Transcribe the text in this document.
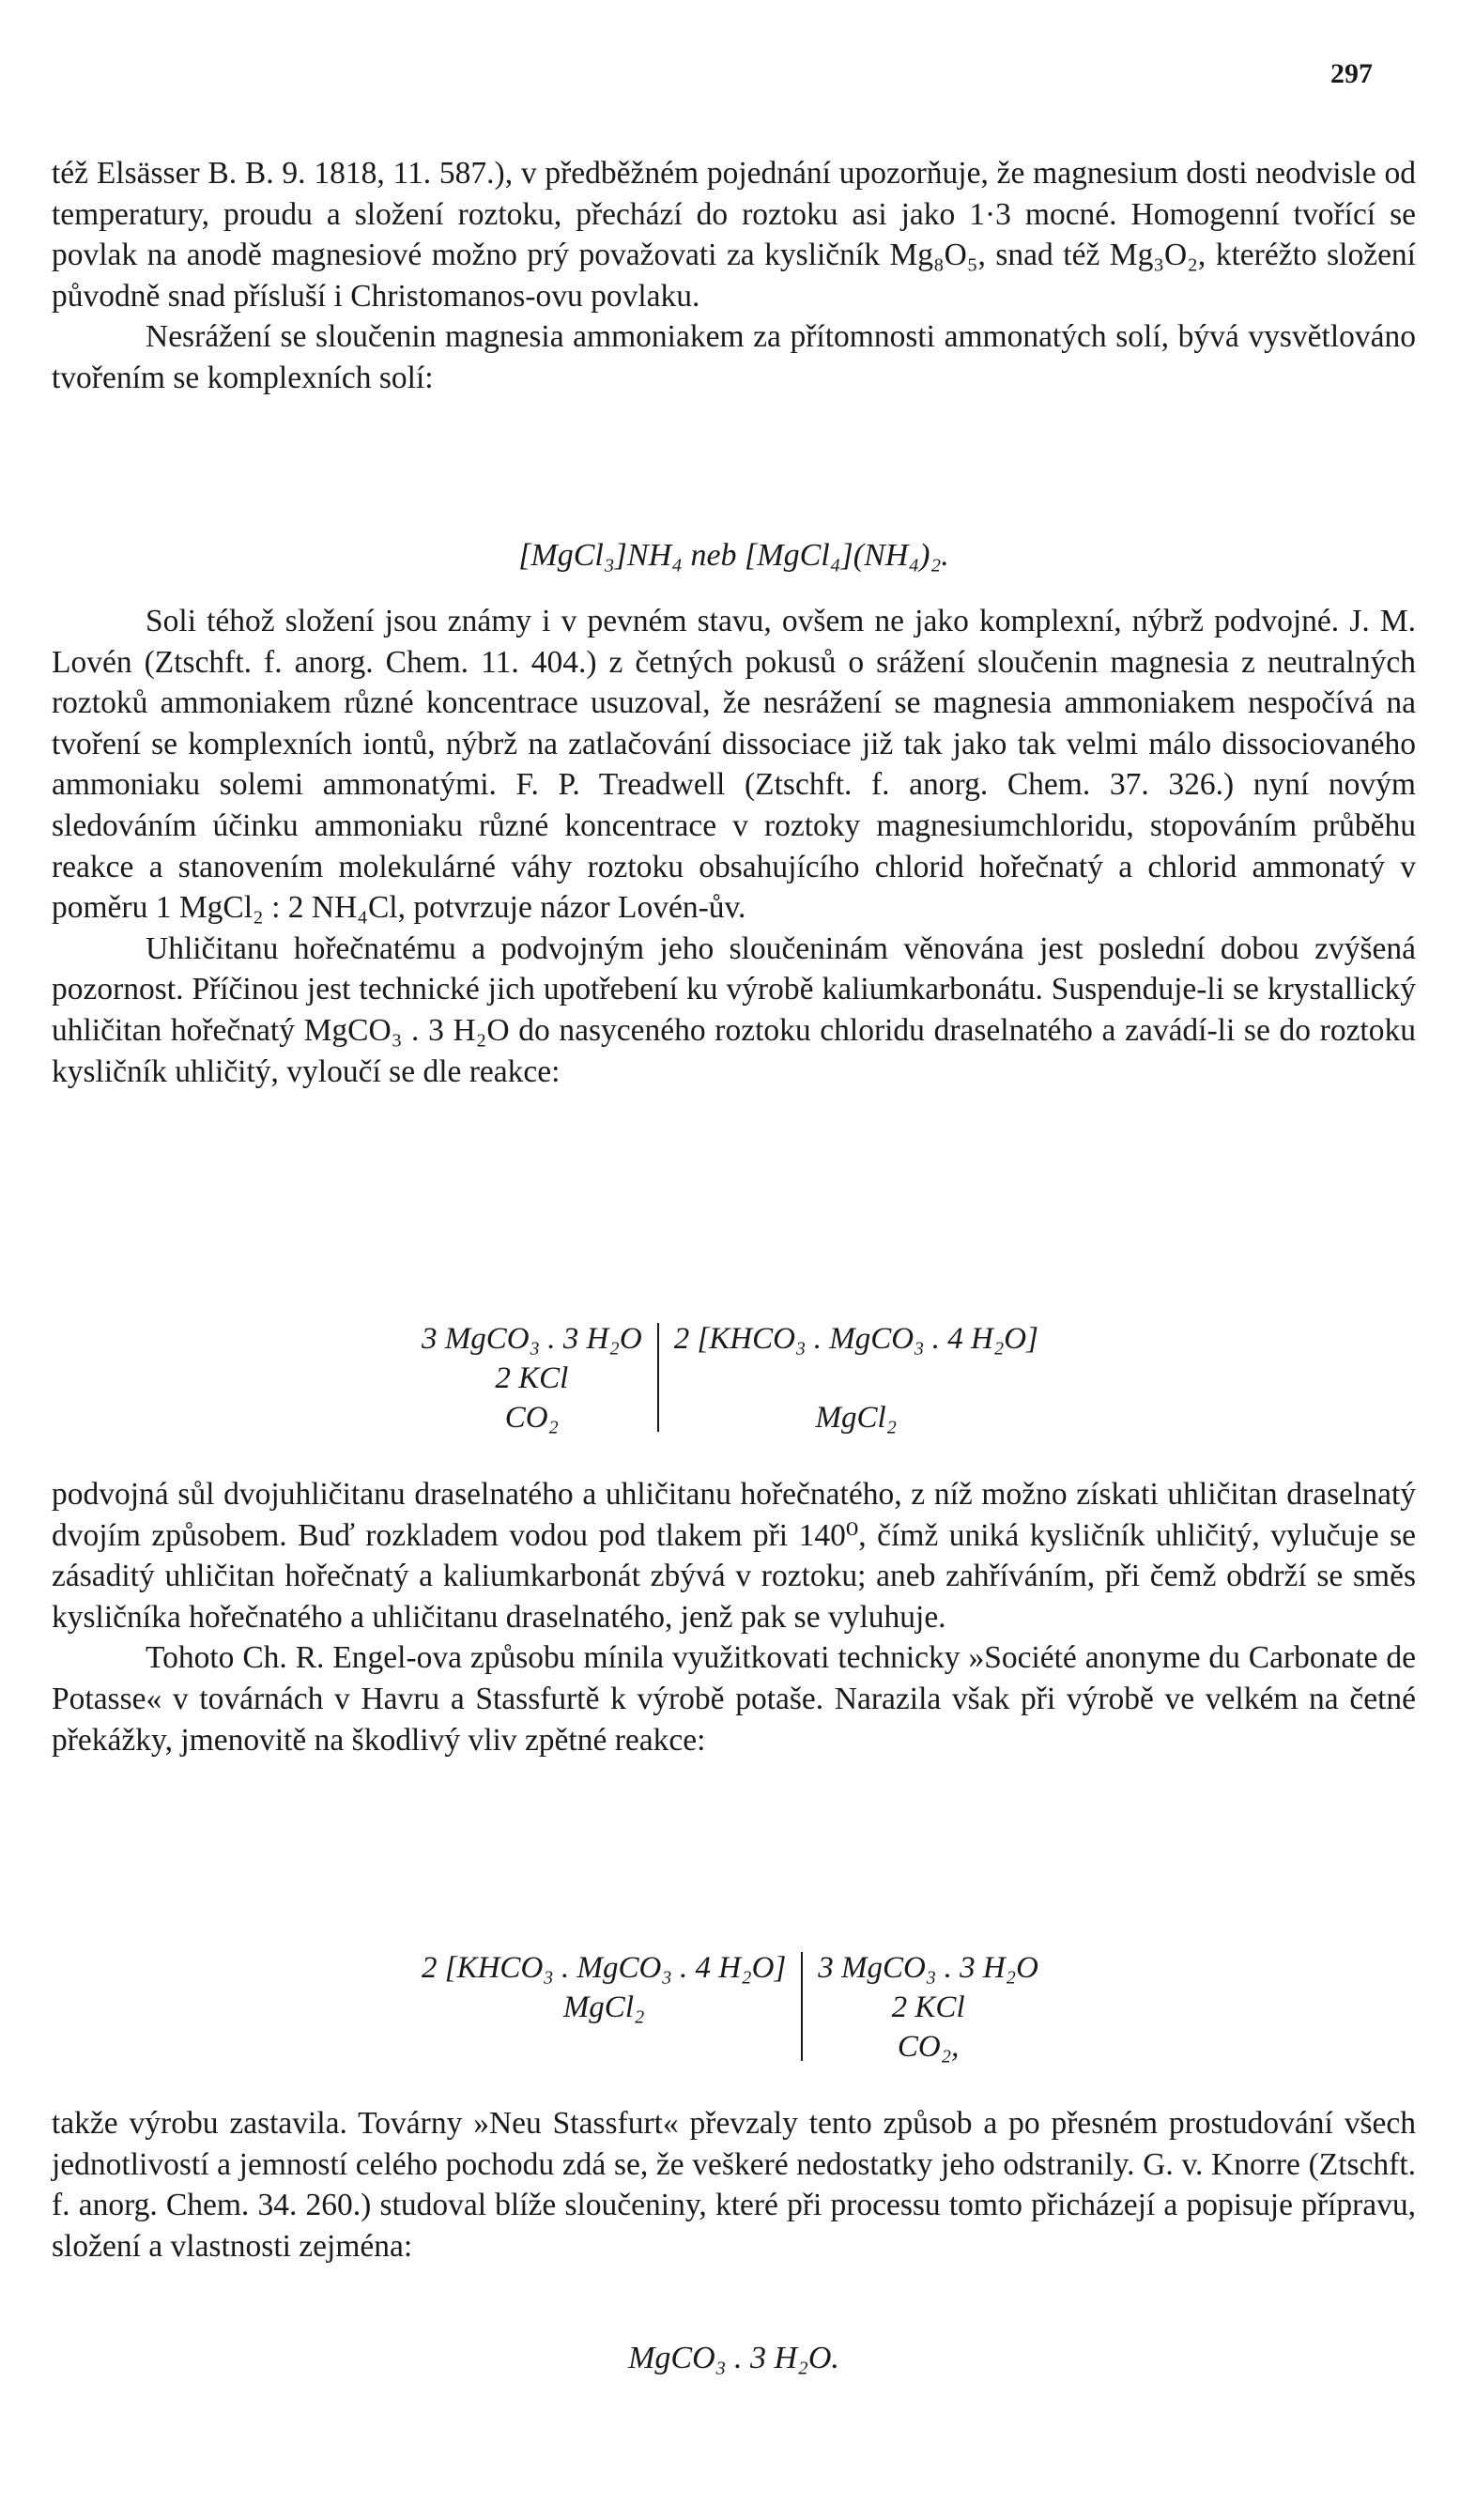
297

též Elsässer B. B. 9. 1818, 11. 587.), v předběžném pojednání upozorňuje, že magnesium dosti neodvisle od temperatury, proudu a složení roztoku, přechází do roztoku asi jako 1·3 mocné. Homogenní tvořící se povlak na anodě magnesiové možno prý považovati za kysličník Mg₈O₅, snad též Mg₃O₂, kteréžto složení původně snad přísluší i Christomanos-ovu povlaku.

Nesrážení se sloučenin magnesia ammoniakem za přítomnosti ammonatých solí, bývá vysvětlováno tvořením se komplexních solí:

[MgCl₃]NH₄ neb [MgCl₄](NH₄)₂.

Soli téhož složení jsou známy i v pevném stavu, ovšem ne jako komplexní, nýbrž podvojné. J. M. Lovén (Ztschft. f. anorg. Chem. 11. 404.) z četných pokusů o srážení sloučenin magnesia z neutralných roztoků ammoniakem různé koncentrace usuzoval, že nesrážení se magnesia ammoniakem nespočívá na tvoření se komplexních iontů, nýbrž na zatlačování dissociace již tak jako tak velmi málo dissociovaného ammoniaku solemi ammonatými. F. P. Treadwell (Ztschft. f. anorg. Chem. 37. 326.) nyní novým sledováním účinku ammoniaku různé koncentrace v roztoky magnesiumchloridu, stopováním průběhu reakce a stanovením molekulárné váhy roztoku obsahujícího chlorid hořečnatý a chlorid ammonatý v poměru 1 MgCl₂ : 2 NH₄Cl, potvrzuje názor Lovén-ův.

Uhličitanu hořečnatému a podvojným jeho sloučeninám věnována jest poslední dobou zvýšená pozornost. Příčinou jest technické jich upotřebení ku výrobě kaliumkarbonátu. Suspenduje-li se krystallický uhličitan hořečnatý MgCO₃ . 3 H₂O do nasyceného roztoku chloridu draselnatého a zavádí-li se do roztoku kysličník uhličitý, vyloučí se dle reakce:

3 MgCO₃ . 3 H₂O
2 KCl
CO₂
2 [KHCO₃ . MgCO₃ . 4 H₂O]
MgCl₂

podvojná sůl dvojuhličitanu draselnatého a uhličitanu hořečnatého, z níž možno získati uhličitan draselnatý dvojím způsobem. Buď rozkladem vodou pod tlakem při 140⁰, čímž uniká kysličník uhličitý, vylučuje se zásaditý uhličitan hořečnatý a kaliumkarbonát zbývá v roztoku; aneb zahříváním, při čemž obdrží se směs kysličníka hořečnatého a uhličitanu draselnatého, jenž pak se vyluhuje.

Tohoto Ch. R. Engel-ova způsobu mínila využitkovati technicky »Société anonyme du Carbonate de Potasse« v továrnách v Havru a Stassfurtě k výrobě potaše. Narazila však při výrobě ve velkém na četné překážky, jmenovitě na škodlivý vliv zpětné reakce:

2 [KHCO₃ . MgCO₃ . 4 H₂O]
MgCl₂
3 MgCO₃ . 3 H₂O
2 KCl
CO₂,

takže výrobu zastavila. Továrny »Neu Stassfurt« převzaly tento způsob a po přesném prostudování všech jednotlivostí a jemností celého pochodu zdá se, že veškeré nedostatky jeho odstranily. G. v. Knorre (Ztschft. f. anorg. Chem. 34. 260.) studoval blíže sloučeniny, které při processu tomto přicházejí a popisuje přípravu, složení a vlastnosti zejména:

MgCO₃ . 3 H₂O.
